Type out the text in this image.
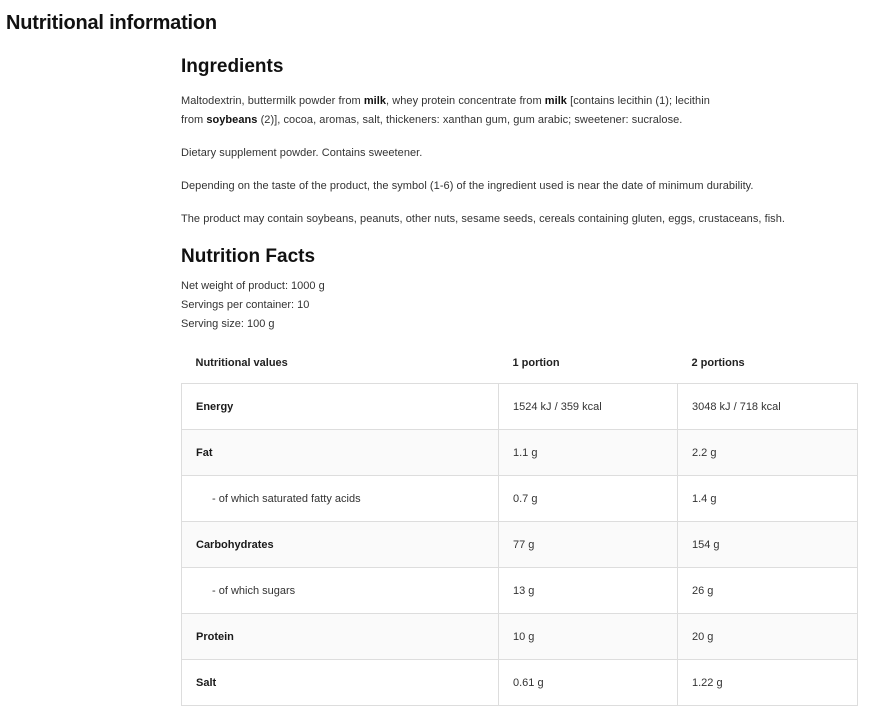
Nutritional information
Ingredients

Maltodextrin, buttermilk powder from milk, whey protein concentrate from milk [contains lecithin (1); lecithin
from soybeans (2)], cocoa, aromas, salt, thickeners: xanthan gum, gum arabic; sweetener: sucralose.

Dietary supplement powder. Contains sweetener.

Depending on the taste of the product, the symbol (1-6) of the ingredient used is near the date of minimum durability.

The product may contain soybeans, peanuts, other nuts, sesame seeds, cereals containing gluten, eggs, crustaceans, fish.

Nutrition Facts

Net weight of product: 1000 g

Servings per container: 10

Serving size: 100 g

Nutritional values	1 portion	2 portions
Energy	1524 kJ / 359 kcal	3048 kJ / 718 kcal
Fat	1.1 g	2.2 g
- of which saturated fatty acids	0.7 g	1.4 g
Carbohydrates	77 g	154 g
- of which sugars	13 g	26 g
Protein	10 g	20 g
Salt	0.61 g	1.22 g
